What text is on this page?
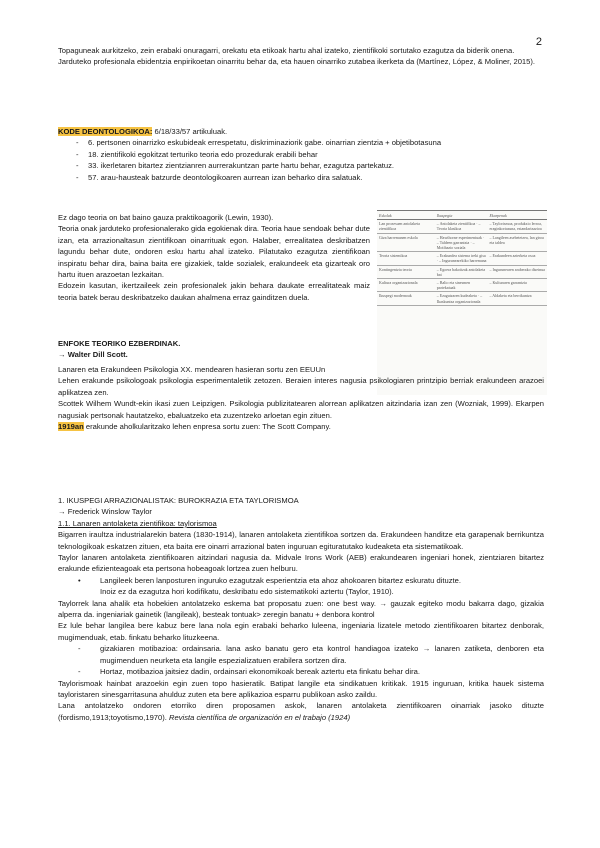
2

Topaguneak aurkitzeko, zein erabaki onuragarri, orekatu eta etikoak hartu ahal izateko, zientifikoki sortutako ezagutza da biderik onena.

Jarduteko profesionala ebidentzia enpirikoetan oinarritu behar da, eta hauen oinarriko zutabea ikerketa da (Martínez, López, & Moliner, 2015).

KODE DEONTOLOGIKOA: 6/18/33/57 artikuluak.

- 6. pertsonen oinarrizko eskubideak errespetatu, diskriminaziorik gabe. oinarrian zientzia + objetibotasuna

- 18. zientifikoki egokitzat terturiko teoria edo prozedurak erabili behar

- 33. ikerletaren bitartez zientzianren aurrerakuntzan parte hartu behar, ezagutza partekatuz.

- 57. arau-hausteak batzurde deontologikoaren aurrean izan beharko dira salatuak.

Ez dago teoria on bat baino gauza praktikoagorik (Lewin, 1930).

Teoria onak jarduteko profesionalerako gida egokienak dira. Teoria haue sendoak behar dute izan, eta arrazionaltasun zientifikoan oinarrituak egon. Halaber, errealitatea deskribatzen lagundu behar dute, ondoren esku hartu ahal izateko. Pilatutako ezagutza zientifikoan inspiratu behar dira, baina baita ere gizakiek, talde sozialek, erakundeek eta gizarteak oro hartu ituen arazoetan lezkaitan.

Edozein kasutan, ikertzaileek zein profesionalek jakin behara daukate errealitateak maiz teoria batek berau deskribatzeko daukan ahalmena erraz gainditzen duela.

Eskolak	Ikuspegia	Ekarpenak
Lan prozesuen antolaketa zientifikoa	– Antolaketa zientifikoa · – Teoria klasikoa	– Taylorismoa, produkzio lerroa, eraginkortasuna, estandarizazioa
Giza harremanen eskola	– Hawthorne esperimentuak · – Taldeen garrantzia · – Motibazio soziala	– Langileen asebetetzea, lan giroa eta taldea
Teoria sistemikoa	– Erakundea sistema ireki gisa · – Ingurunearekiko harremana	– Erakundeen azterketa osoa
Kontingentzia teoria	– Egoera bakoitzak antolaketa bat	– Ingurunearen araberako diseinua
Kultura organizazionala	– Balio eta sinesmen partekatuak	– Kulturaren garrantzia
Ikuspegi modernoak	– Ezagutzaren kudeaketa · – Ikaskuntza organizazionala	– Aldaketa eta berrikuntza

ENFOKE TEORIKO EZBERDINAK.

→ Walter Dill Scott.

Lanaren eta Erakundeen Psikologia XX. mendearen hasieran sortu zen EEUUn

Lehen erakunde psikologoak psikologia esperimentaletik zetozen. Beraien interes nagusia psikologiaren printzipio berriak erakundeen arazoei aplikatzea zen.

Scottek Wilhem Wundt-ekin ikasi zuen Leipzigen. Psikologia publizitatearen alorrean aplikatzen aitzindaria izan zen (Wozniak, 1999). Ekarpen nagusiak pertsonak hautatzeko, ebaluatzeko eta zuzentzeko arloetan egin zituen.

1919an erakunde aholkularitzako lehen enpresa sortu zuen: The Scott Company.

1. IKUSPEGI ARRAZIONALISTAK: BUROKRAZIA ETA TAYLORISMOA

→ Frederick Winslow Taylor

1.1. Lanaren antolaketa zientifikoa: taylorismoa

Bigarren iraultza industrialarekin batera (1830-1914), lanaren antolaketa zientifikoa sortzen da. Erakundeen handitze eta garapenak berrikuntza teknologikoak eskatzen zituen, eta baita ere oinarri arrazional baten inguruan egituratutako kudeaketa eta sistematikoak.

Taylor lanaren antolaketa zientifikoaren aitzindari nagusia da. Midvale Irons Work (AEB) erakundearen ingeniari honek, zientziaren bitartez erakunde efizienteagoak eta pertsona hobeagoak lortzea zuen helburu.

•	Langileek beren lanposturen inguruko ezagutzak esperientzia eta ahoz ahokoaren bitartez eskuratu dituzte.

Inoiz ez da ezagutza hori kodifikatu, deskribatu edo sistematikoki aztertu (Taylor, 1910).

Taylorrek lana ahalik eta hobekien antolatzeko eskema bat proposatu zuen: one best way. → gauzak egiteko modu bakarra dago, gizakia alperra da. ingeniariak gainetik (langileak), besteak tontuak> zeregin banatu + denbora kontrol

Ez lule behar langilea bere kabuz bere lana nola egin erabaki beharko luleena, ingeniaria lizatele metodo zientifikoaren bitartez denborak, mugimenduak, etab. finkatu beharko lituzkeena.

-	gizakiaren motibazioa: ordainsaria. lana asko banatu gero eta kontrol handiagoa izateko → lanaren zatiketa, denboren eta mugimenduen neurketa eta langile espezializatuen erabilera sortzen dira.

-	Hortaz, motibazioa jaitsiez dadin, ordainsari ekonomikoak bereak aztertu eta finkatu behar dira.

Taylorismoak hainbat arazoekin egin zuen topo hasieratik. Batipat langile eta sindikatuen kritikak. 1915 inguruan, kritika hauek sistema tayloristaren sinesgarritasuna ahulduz zuten eta bere aplikazioa esparru publikoan asko zaildu.

Lana antolatzeko ondoren etorriko diren proposamen askok, lanaren antolaketa zientifikoaren oinarriak jasoko dituzte (fordismo,1913;toyotismo,1970). Revista científica de organización en el trabajo (1924)
